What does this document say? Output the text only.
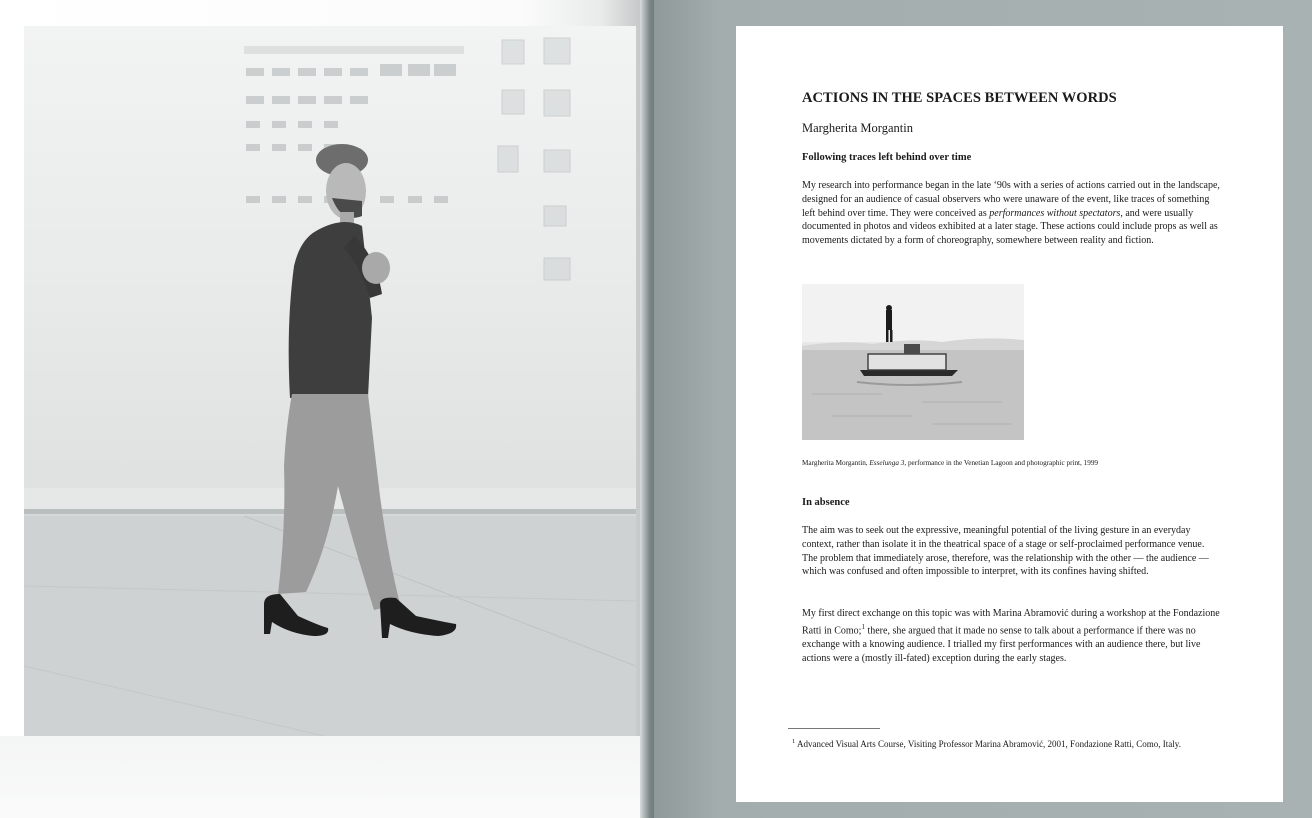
ACTIONS IN THE SPACES BETWEEN WORDS

Margherita Morgantin

Following traces left behind over time

My research into performance began in the late ‘90s with a series of actions carried out in the landscape, designed for an audience of casual observers who were unaware of the event, like traces of something left behind over time. They were conceived as performances without spectators, and were usually documented in photos and videos exhibited at a later stage. These actions could include props as well as movements dictated by a form of choreography, somewhere between reality and fiction.

Margherita Morgantin, Esselunga 3, performance in the Venetian Lagoon and photographic print, 1999

In absence

The aim was to seek out the expressive, meaningful potential of the living gesture in an everyday context, rather than isolate it in the theatrical space of a stage or self-proclaimed performance venue. The problem that immediately arose, therefore, was the relationship with the other — the audience — which was confused and often impossible to interpret, with its confines having shifted.

My first direct exchange on this topic was with Marina Abramović during a workshop at the Fondazione Ratti in Como;$^1$ there, she argued that it made no sense to talk about a performance if there was no exchange with a knowing audience. I trialled my first performances with an audience there, but live actions were a (mostly ill-fated) exception during the early stages.

$^1$ Advanced Visual Arts Course, Visiting Professor Marina Abramović, 2001, Fondazione Ratti, Como, Italy.
